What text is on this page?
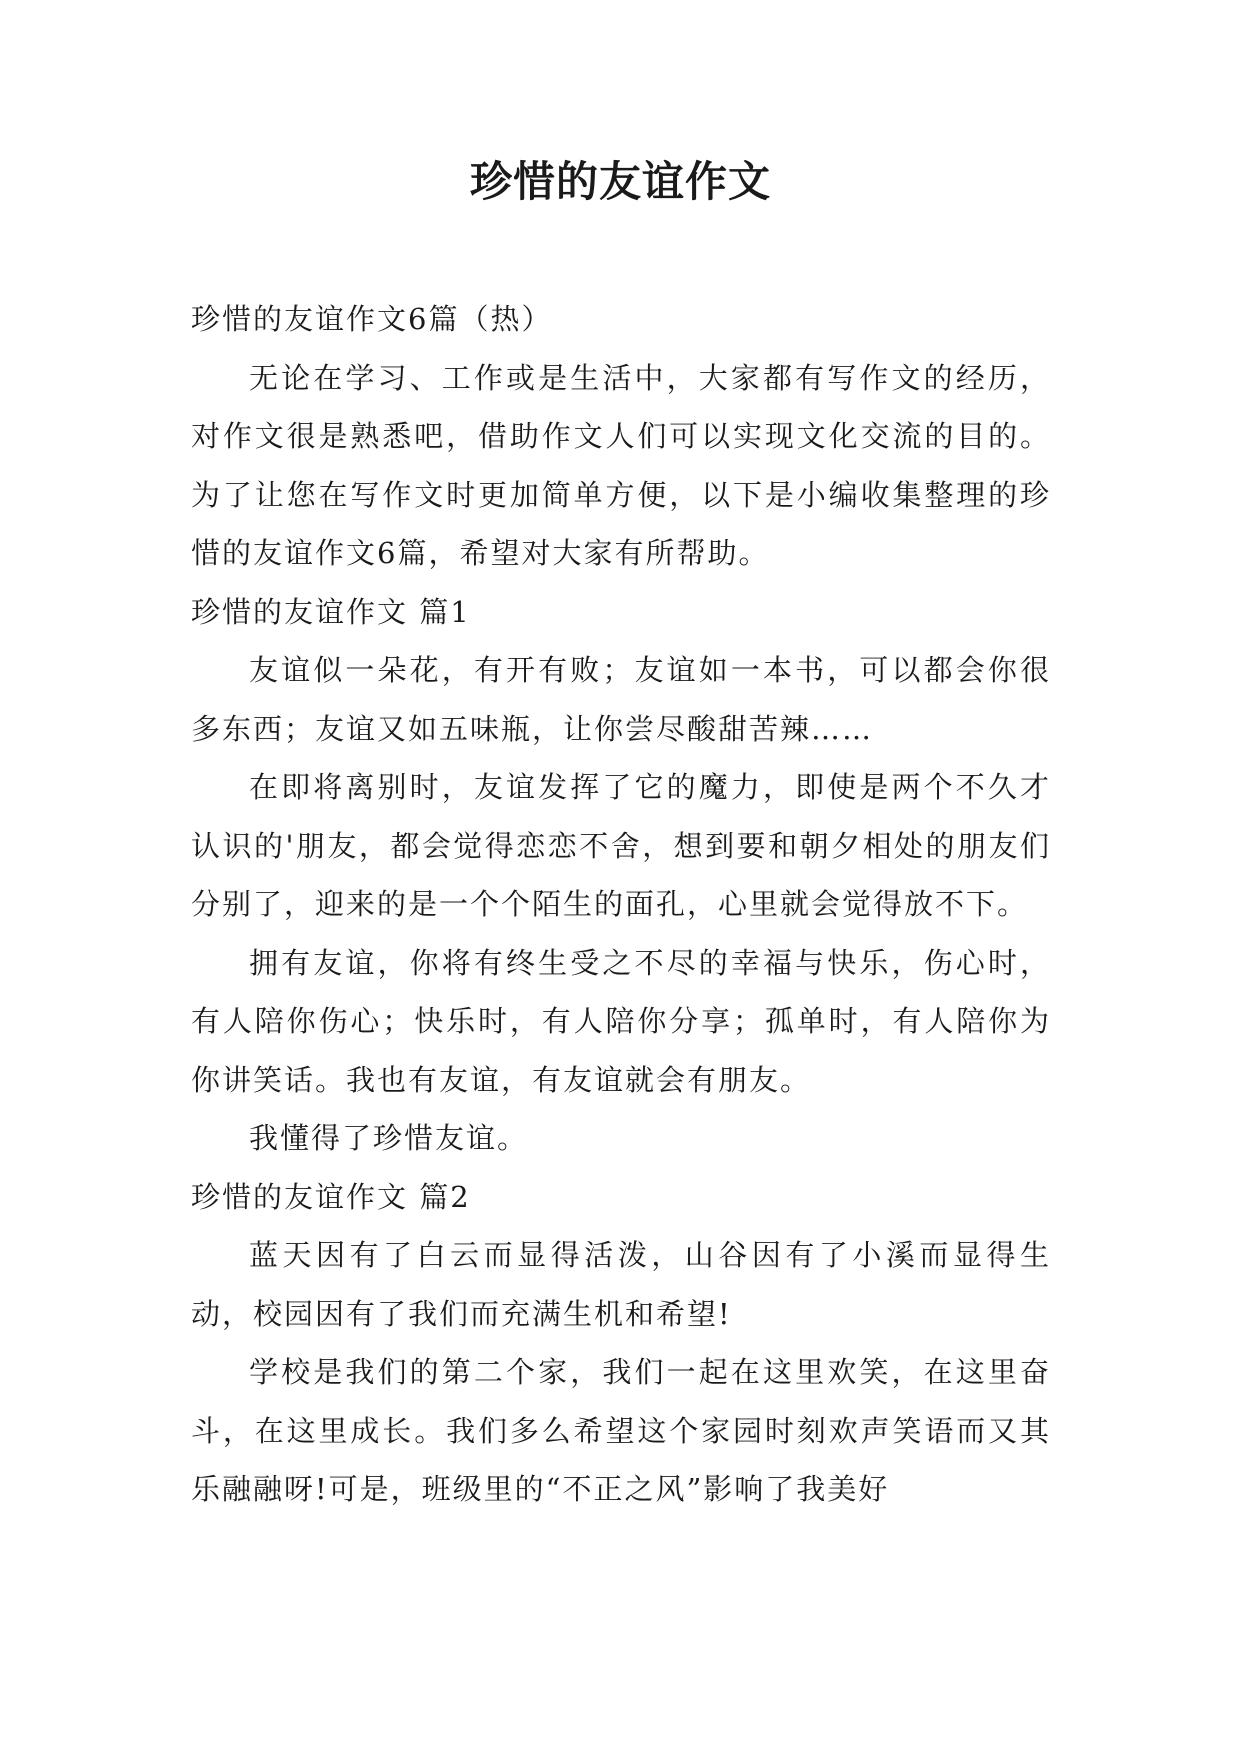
珍惜的友谊作文

珍惜的友谊作文6篇（热）

无论在学习、工作或是生活中，大家都有写作文的经历，对作文很是熟悉吧，借助作文人们可以实现文化交流的目的。为了让您在写作文时更加简单方便，以下是小编收集整理的珍惜的友谊作文6篇，希望对大家有所帮助。

珍惜的友谊作文 篇1

友谊似一朵花，有开有败；友谊如一本书，可以都会你很多东西；友谊又如五味瓶，让你尝尽酸甜苦辣……

在即将离别时，友谊发挥了它的魔力，即使是两个不久才认识的'朋友，都会觉得恋恋不舍，想到要和朝夕相处的朋友们分别了，迎来的是一个个陌生的面孔，心里就会觉得放不下。

拥有友谊，你将有终生受之不尽的幸福与快乐，伤心时，有人陪你伤心；快乐时，有人陪你分享；孤单时，有人陪你为你讲笑话。我也有友谊，有友谊就会有朋友。

我懂得了珍惜友谊。

珍惜的友谊作文 篇2

蓝天因有了白云而显得活泼，山谷因有了小溪而显得生动，校园因有了我们而充满生机和希望!

学校是我们的第二个家，我们一起在这里欢笑，在这里奋斗，在这里成长。我们多么希望这个家园时刻欢声笑语而又其乐融融呀!可是，班级里的“不正之风”影响了我美好
